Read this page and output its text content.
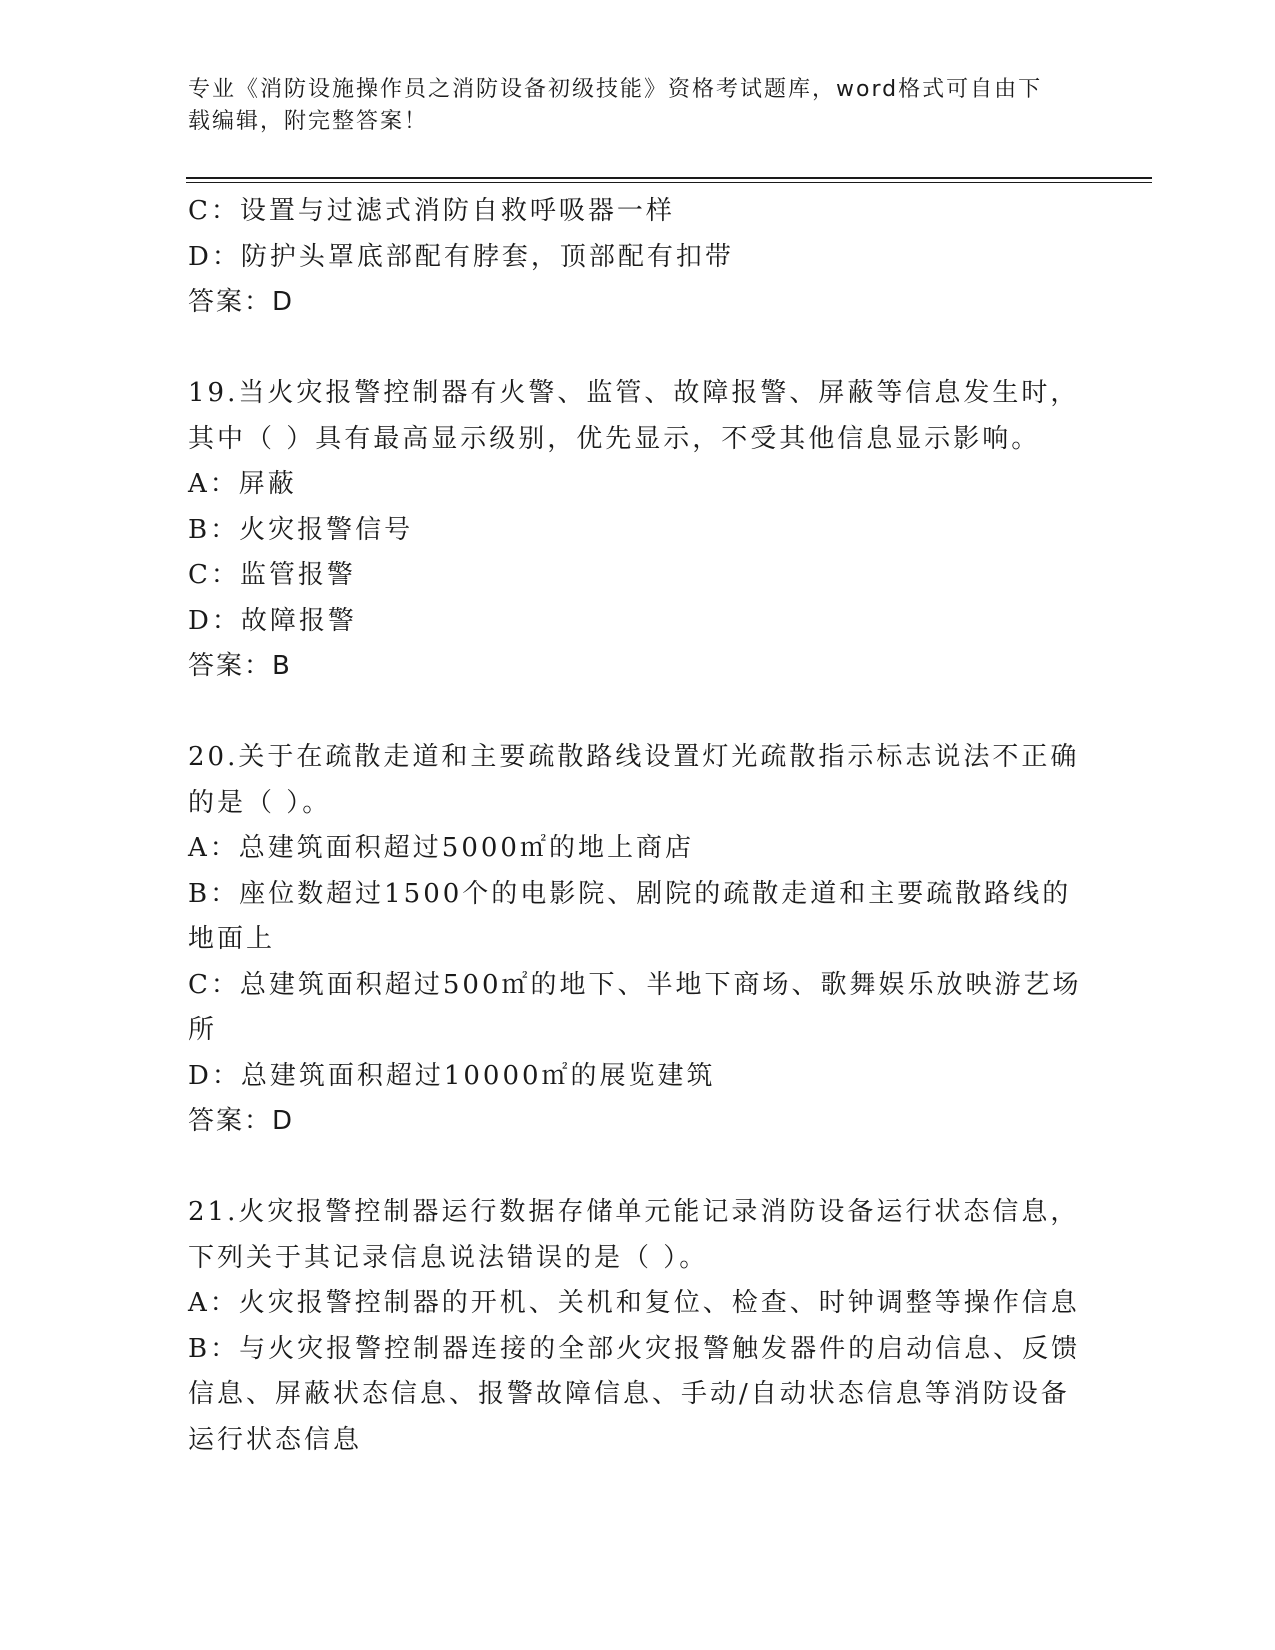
专业《消防设施操作员之消防设备初级技能》资格考试题库，word格式可自由下
载编辑，附完整答案！
C：设置与过滤式消防自救呼吸器一样
D：防护头罩底部配有脖套，顶部配有扣带
答案：D
19.当火灾报警控制器有火警、监管、故障报警、屏蔽等信息发生时，
其中（ ）具有最高显示级别，优先显示，不受其他信息显示影响。
A：屏蔽
B：火灾报警信号
C：监管报警
D：故障报警
答案：B
20.关于在疏散走道和主要疏散路线设置灯光疏散指示标志说法不正确
的是（ ）。
A：总建筑面积超过5000㎡的地上商店
B：座位数超过1500个的电影院、剧院的疏散走道和主要疏散路线的
地面上
C：总建筑面积超过500㎡的地下、半地下商场、歌舞娱乐放映游艺场
所
D：总建筑面积超过10000㎡的展览建筑
答案：D
21.火灾报警控制器运行数据存储单元能记录消防设备运行状态信息，
下列关于其记录信息说法错误的是（ ）。
A：火灾报警控制器的开机、关机和复位、检查、时钟调整等操作信息
B：与火灾报警控制器连接的全部火灾报警触发器件的启动信息、反馈
信息、屏蔽状态信息、报警故障信息、手动/自动状态信息等消防设备
运行状态信息
